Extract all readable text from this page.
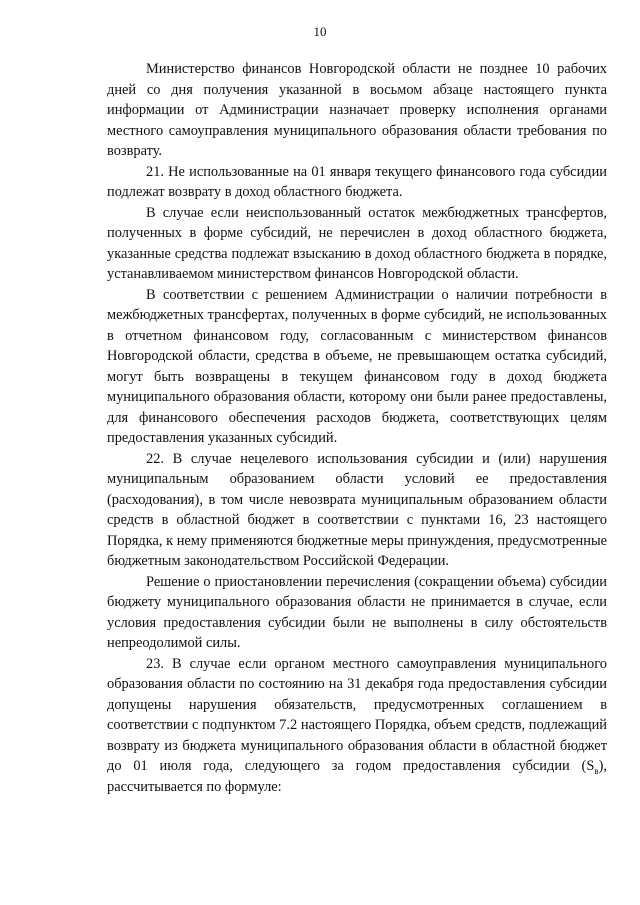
10

Министерство финансов Новгородской области не позднее 10 рабочих дней со дня получения указанной в восьмом абзаце настоящего пункта информации от Администрации назначает проверку исполнения органами местного самоуправления муниципального образования области требования по возврату.

21. Не использованные на 01 января текущего финансового года субсидии подлежат возврату в доход областного бюджета.

В случае если неиспользованный остаток межбюджетных трансфертов, полученных в форме субсидий, не перечислен в доход областного бюджета, указанные средства подлежат взысканию в доход областного бюджета в порядке, устанавливаемом министерством финансов Новгородской области.

В соответствии с решением Администрации о наличии потребности в межбюджетных трансфертах, полученных в форме субсидий, не использованных в отчетном финансовом году, согласованным с министерством финансов Новгородской области, средства в объеме, не превышающем остатка субсидий, могут быть возвращены в текущем финансовом году в доход бюджета муниципального образования области, которому они были ранее предоставлены, для финансового обеспечения расходов бюджета, соответствующих целям предоставления указанных субсидий.

22. В случае нецелевого использования субсидии и (или) нарушения муниципальным образованием области условий ее предоставления (расходования), в том числе невозврата муниципальным образованием области средств в областной бюджет в соответствии с пунктами 16, 23 настоящего Порядка, к нему применяются бюджетные меры принуждения, предусмотренные бюджетным законодательством Российской Федерации.

Решение о приостановлении перечисления (сокращении объема) субсидии бюджету муниципального образования области не принимается в случае, если условия предоставления субсидии были не выполнены в силу обстоятельств непреодолимой силы.

23. В случае если органом местного самоуправления муниципального образования области по состоянию на 31 декабря года предоставления субсидии допущены нарушения обязательств, предусмотренных соглашением в соответствии с подпунктом 7.2 настоящего Порядка, объем средств, подлежащий возврату из бюджета муниципального образования области в областной бюджет до 01 июля года, следующего за годом предоставления субсидии $(S_в)$, рассчитывается по формуле:
